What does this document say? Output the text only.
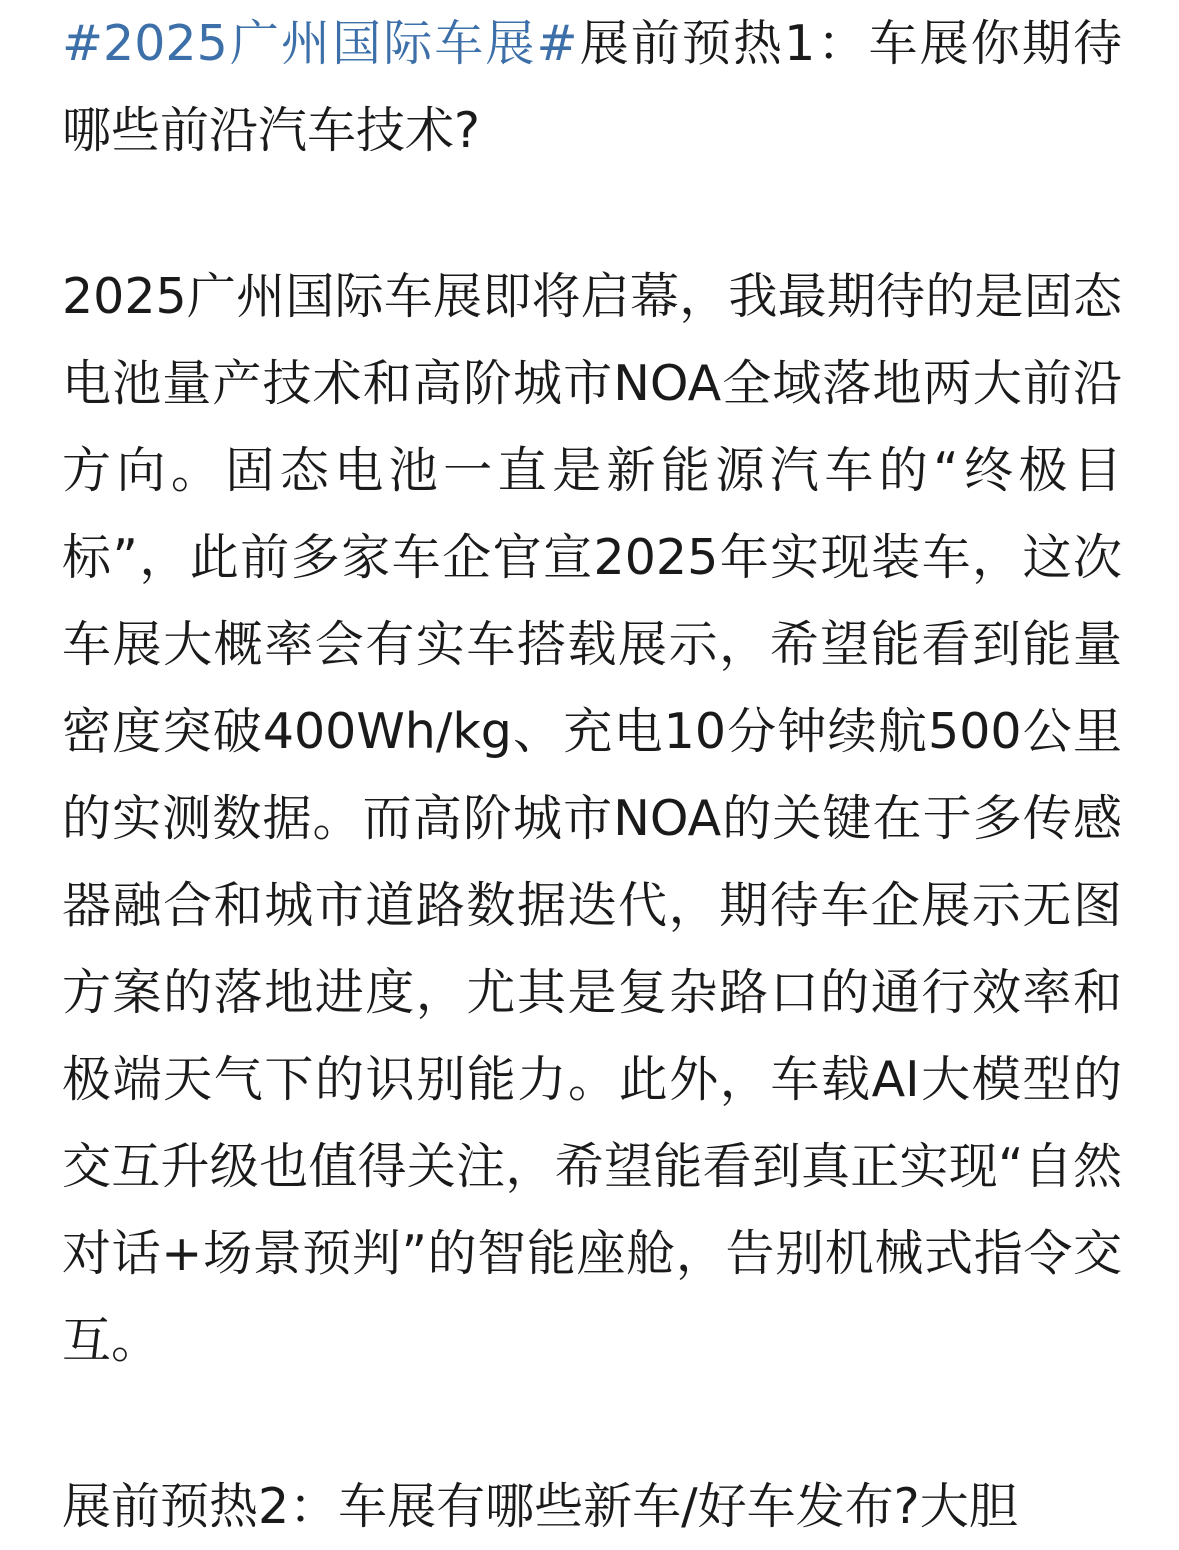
#2025广州国际车展#展前预热1：车展你期待哪些前沿汽车技术?

2025广州国际车展即将启幕，我最期待的是固态电池量产技术和高阶城市NOA全域落地两大前沿方向。固态电池一直是新能源汽车的“终极目标”，此前多家车企官宣2025年实现装车，这次车展大概率会有实车搭载展示，希望能看到能量密度突破400Wh/kg、充电10分钟续航500公里的实测数据。而高阶城市NOA的关键在于多传感器融合和城市道路数据迭代，期待车企展示无图方案的落地进度，尤其是复杂路口的通行效率和极端天气下的识别能力。此外，车载AI大模型的交互升级也值得关注，希望能看到真正实现“自然对话+场景预判”的智能座舱，告别机械式指令交互。

展前预热2：车展有哪些新车/好车发布?大胆
